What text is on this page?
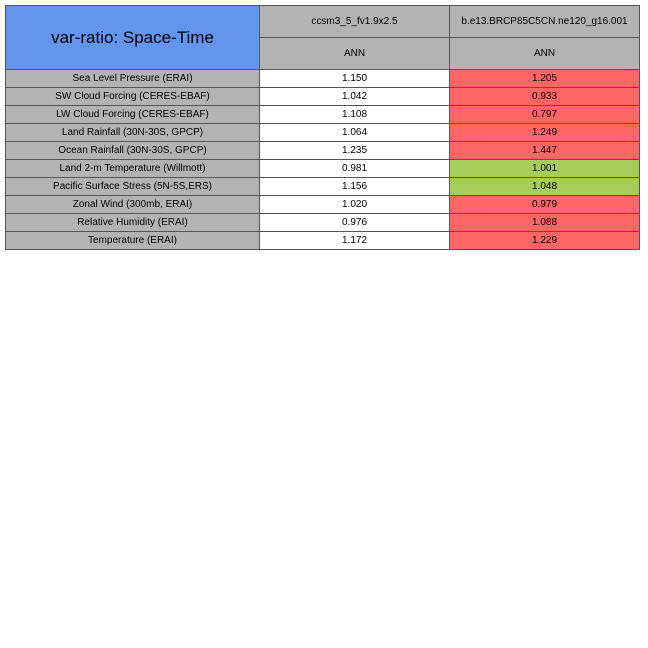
var-ratio: Space-Time	ccsm3_5_fv1.9x2.5	b.e13.BRCP85C5CN.ne120_g16.001
	ANN	ANN
Sea Level Pressure (ERAI)	1.150	1.205
SW Cloud Forcing (CERES-EBAF)	1.042	0.933
LW Cloud Forcing (CERES-EBAF)	1.108	0.797
Land Rainfall (30N-30S, GPCP)	1.064	1.249
Ocean Rainfall (30N-30S, GPCP)	1.235	1.447
Land 2-m Temperature (Willmott)	0.981	1.001
Pacific Surface Stress (5N-5S,ERS)	1.156	1.048
Zonal Wind (300mb, ERAI)	1.020	0.979
Relative Humidity (ERAI)	0.976	1.088
Temperature (ERAI)	1.172	1.229
